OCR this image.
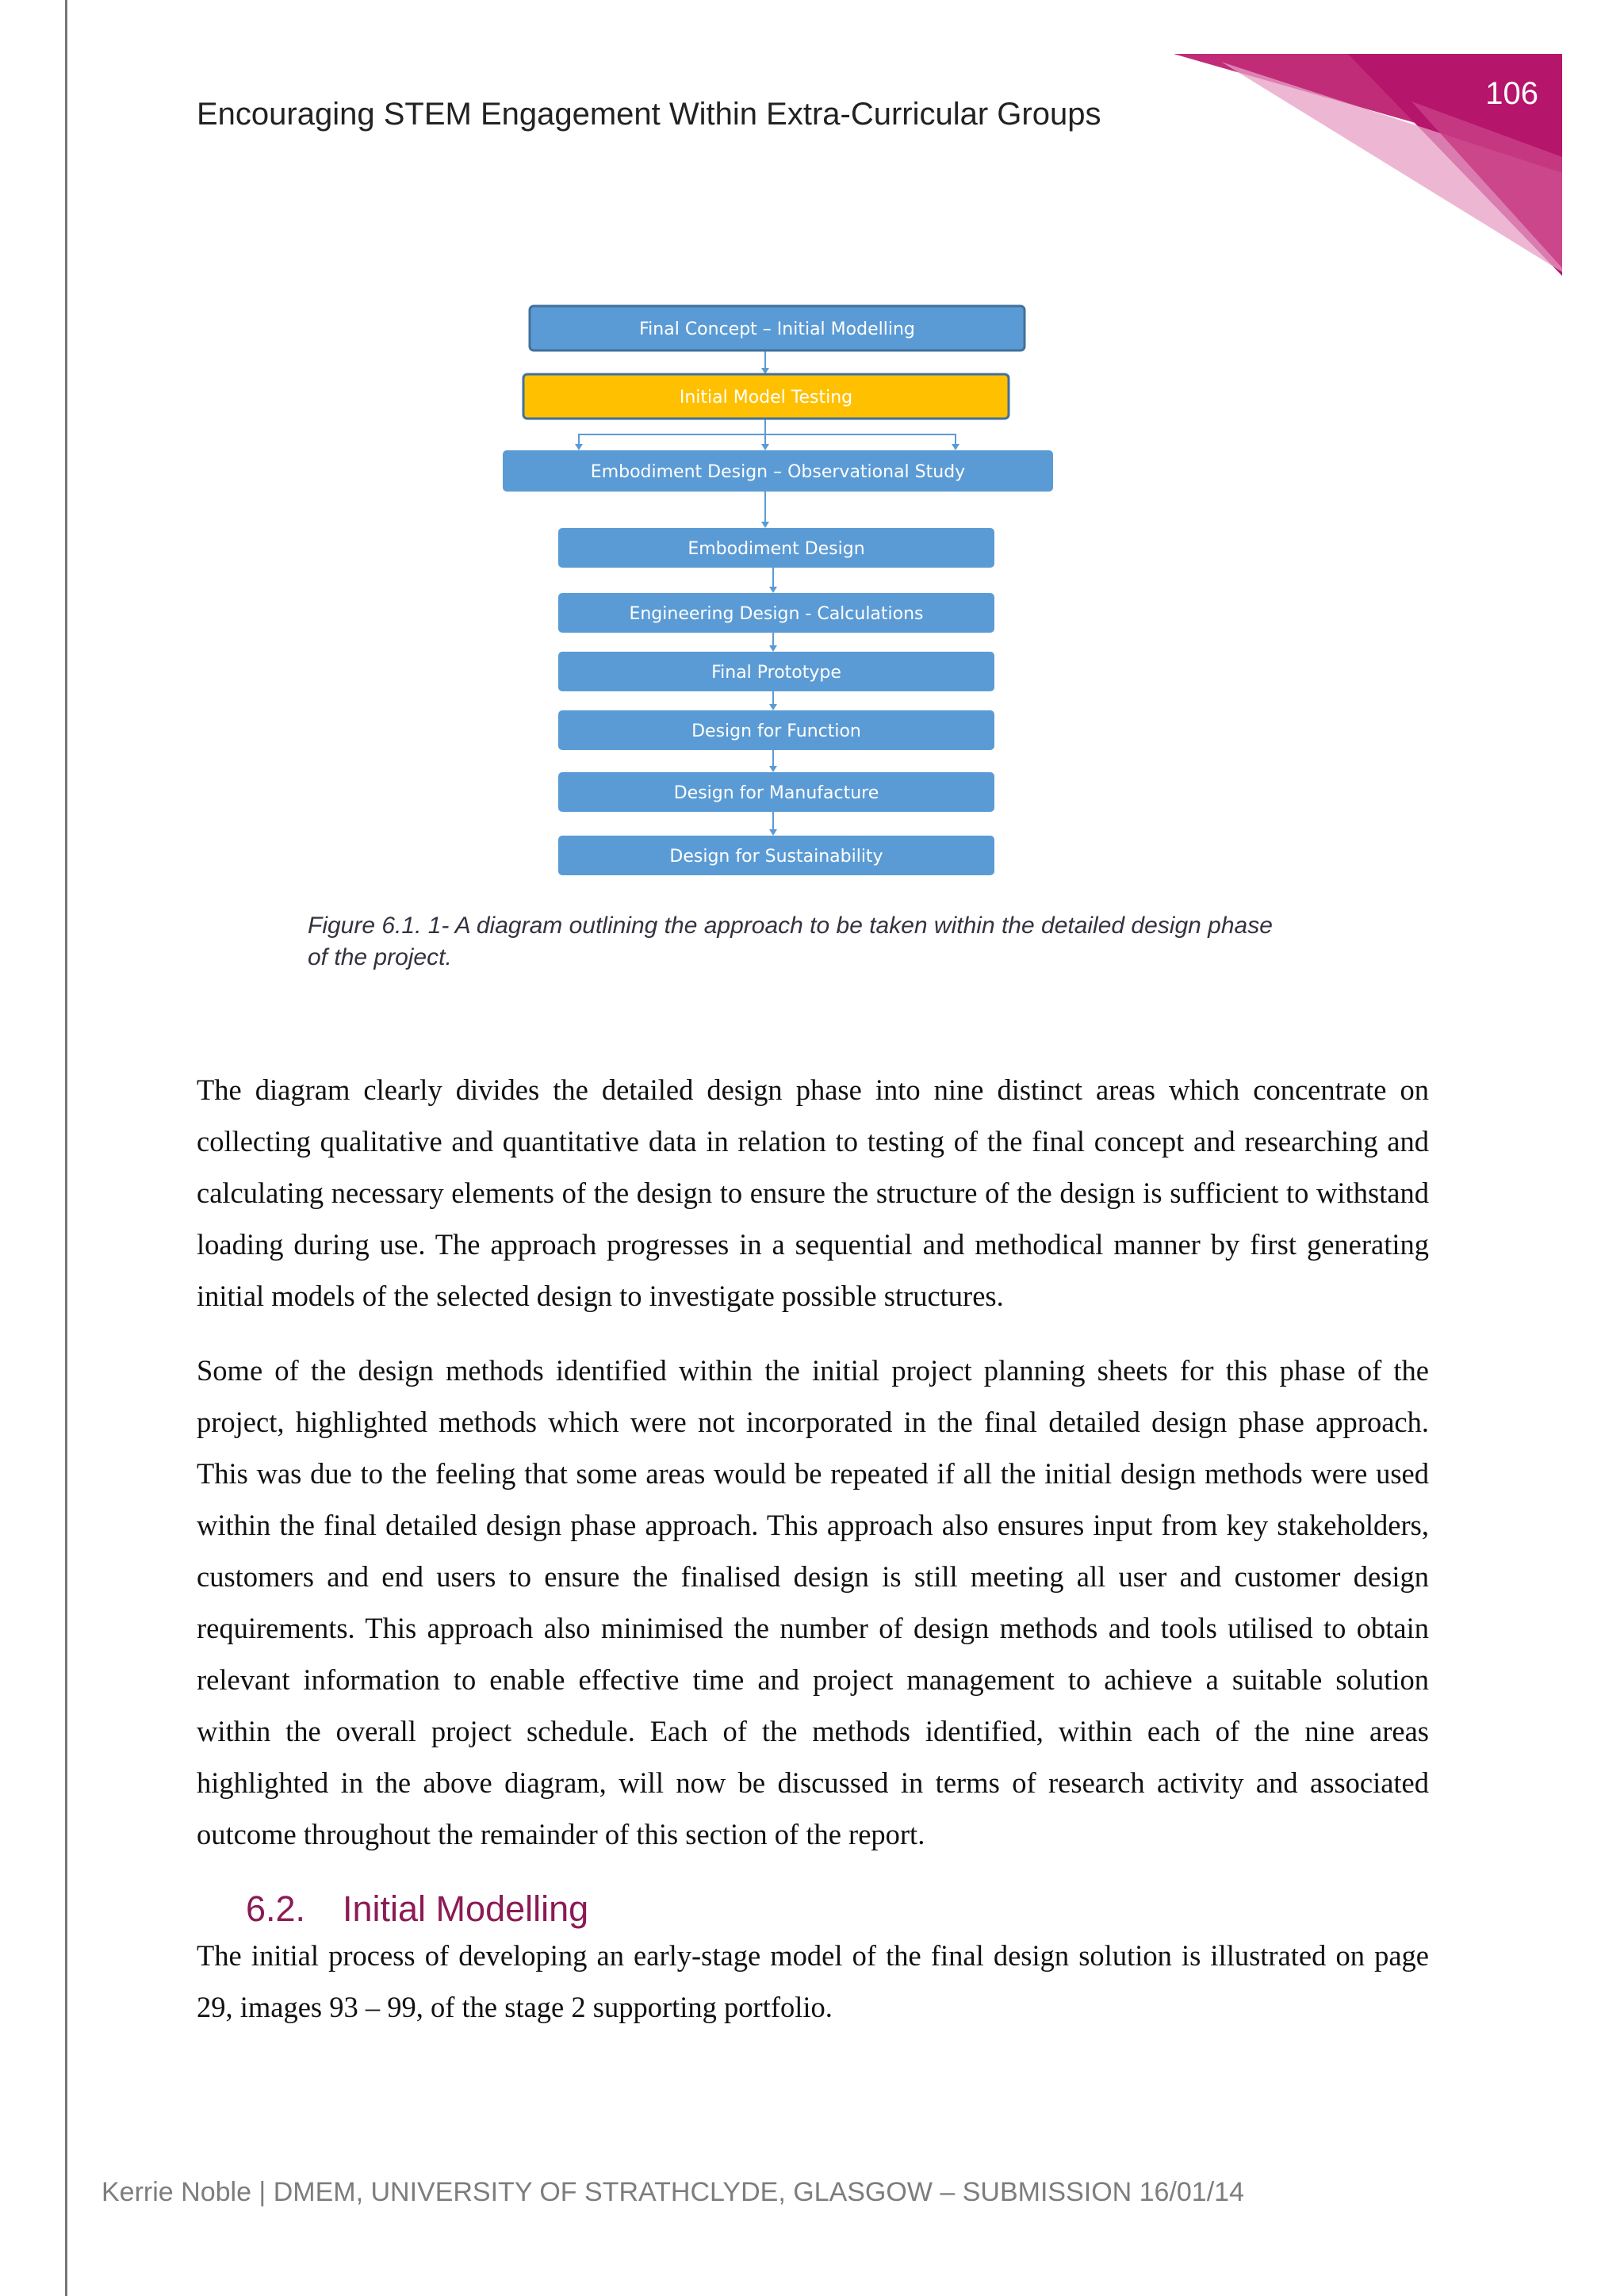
106
Encouraging STEM Engagement Within Extra-Curricular Groups
Final Concept – Initial Modelling
Initial Model Testing
Embodiment Design – Observational Study
Embodiment Design
Engineering Design - Calculations
Final Prototype
Design for Function
Design for Manufacture
Design for Sustainability
Figure 6.1. 1- A diagram outlining the approach to be taken within the detailed design phase of the project.

The diagram clearly divides the detailed design phase into nine distinct areas which concentrate on collecting qualitative and quantitative data in relation to testing of the final concept and researching and calculating necessary elements of the design to ensure the structure of the design is sufficient to withstand loading during use. The approach progresses in a sequential and methodical manner by first generating initial models of the selected design to investigate possible structures.

Some of the design methods identified within the initial project planning sheets for this phase of the project, highlighted methods which were not incorporated in the final detailed design phase approach. This was due to the feeling that some areas would be repeated if all the initial design methods were used within the final detailed design phase approach. This approach also ensures input from key stakeholders, customers and end users to ensure the finalised design is still meeting all user and customer design requirements. This approach also minimised the number of design methods and tools utilised to obtain relevant information to enable effective time and project management to achieve a suitable solution within the overall project schedule. Each of the methods identified, within each of the nine areas highlighted in the above diagram, will now be discussed in terms of research activity and associated outcome throughout the remainder of this section of the report.

6.2. Initial Modelling

The initial process of developing an early-stage model of the final design solution is illustrated on page 29, images 93 – 99, of the stage 2 supporting portfolio.

Kerrie Noble | DMEM, UNIVERSITY OF STRATHCLYDE, GLASGOW – SUBMISSION 16/01/14
